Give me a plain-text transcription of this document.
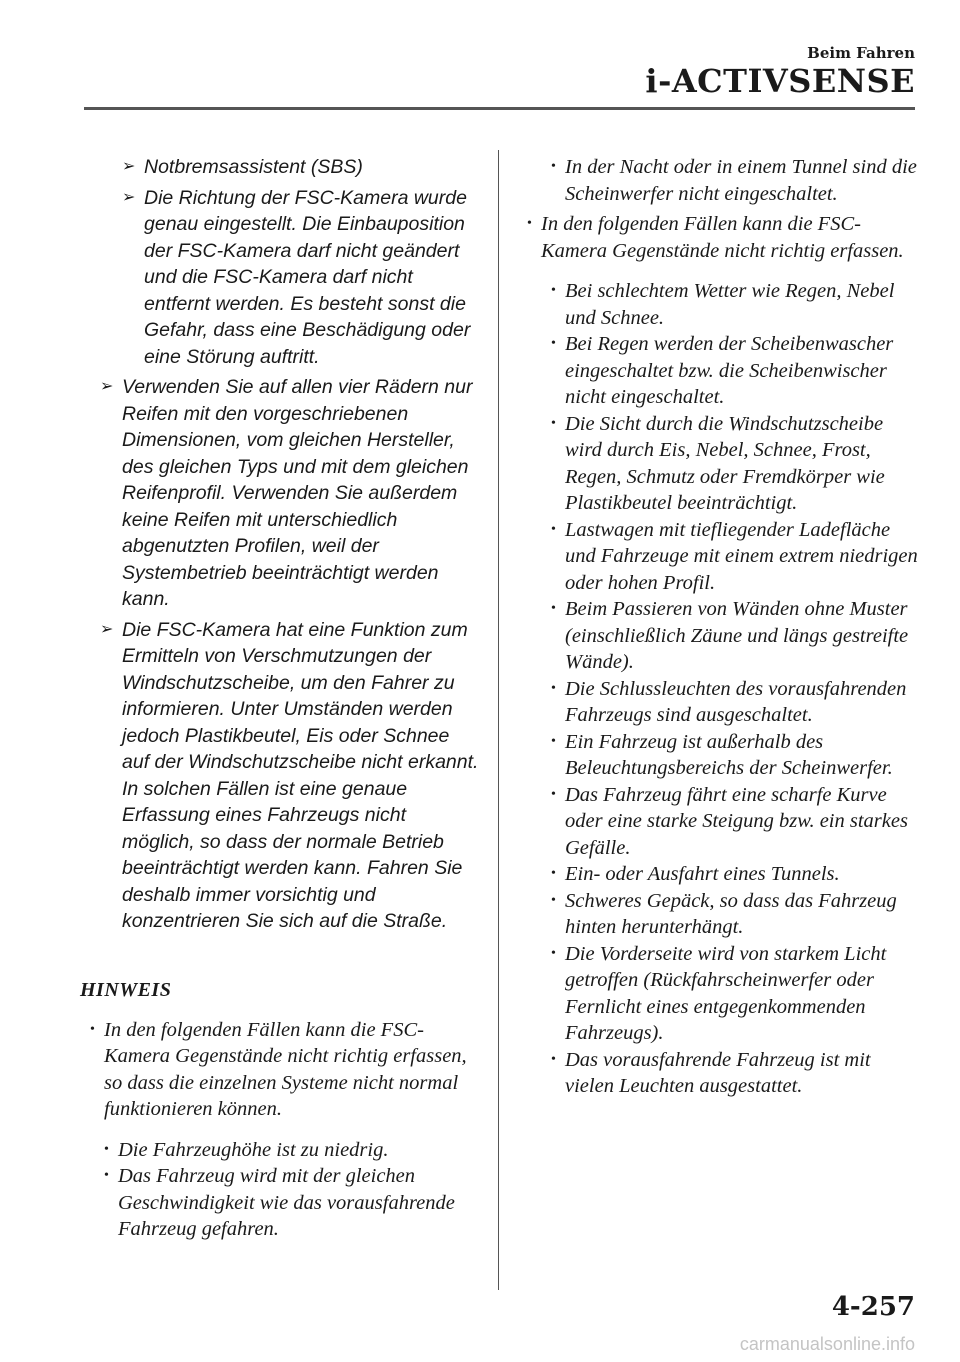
Beim Fahren
i-ACTIVSENSE
➢ Notbremsassistent (SBS)
➢ Die Richtung der FSC-Kamera wurde genau eingestellt. Die Einbauposition der FSC-Kamera darf nicht geändert und die FSC-Kamera darf nicht entfernt werden. Es besteht sonst die Gefahr, dass eine Beschädigung oder eine Störung auftritt.
➢ Verwenden Sie auf allen vier Rädern nur Reifen mit den vorgeschriebenen Dimensionen, vom gleichen Hersteller, des gleichen Typs und mit dem gleichen Reifenprofil. Verwenden Sie außerdem keine Reifen mit unterschiedlich abgenutzten Profilen, weil der Systembetrieb beeinträchtigt werden kann.
➢ Die FSC-Kamera hat eine Funktion zum Ermitteln von Verschmutzungen der Windschutzscheibe, um den Fahrer zu informieren. Unter Umständen werden jedoch Plastikbeutel, Eis oder Schnee auf der Windschutzscheibe nicht erkannt. In solchen Fällen ist eine genaue Erfassung eines Fahrzeugs nicht möglich, so dass der normale Betrieb beeinträchtigt werden kann. Fahren Sie deshalb immer vorsichtig und konzentrieren Sie sich auf die Straße.
HINWEIS
• In den folgenden Fällen kann die FSC-Kamera Gegenstände nicht richtig erfassen, so dass die einzelnen Systeme nicht normal funktionieren können.
• Die Fahrzeughöhe ist zu niedrig.
• Das Fahrzeug wird mit der gleichen Geschwindigkeit wie das vorausfahrende Fahrzeug gefahren.
• In der Nacht oder in einem Tunnel sind die Scheinwerfer nicht eingeschaltet.
• In den folgenden Fällen kann die FSC-Kamera Gegenstände nicht richtig erfassen.
• Bei schlechtem Wetter wie Regen, Nebel und Schnee.
• Bei Regen werden der Scheibenwascher eingeschaltet bzw. die Scheibenwischer nicht eingeschaltet.
• Die Sicht durch die Windschutzscheibe wird durch Eis, Nebel, Schnee, Frost, Regen, Schmutz oder Fremdkörper wie Plastikbeutel beeinträchtigt.
• Lastwagen mit tiefliegender Ladefläche und Fahrzeuge mit einem extrem niedrigen oder hohen Profil.
• Beim Passieren von Wänden ohne Muster (einschließlich Zäune und längs gestreifte Wände).
• Die Schlussleuchten des vorausfahrenden Fahrzeugs sind ausgeschaltet.
• Ein Fahrzeug ist außerhalb des Beleuchtungsbereichs der Scheinwerfer.
• Das Fahrzeug fährt eine scharfe Kurve oder eine starke Steigung bzw. ein starkes Gefälle.
• Ein- oder Ausfahrt eines Tunnels.
• Schweres Gepäck, so dass das Fahrzeug hinten herunterhängt.
• Die Vorderseite wird von starkem Licht getroffen (Rückfahrscheinwerfer oder Fernlicht eines entgegenkommenden Fahrzeugs).
• Das vorausfahrende Fahrzeug ist mit vielen Leuchten ausgestattet.
4-257
carmanualsonline.info
